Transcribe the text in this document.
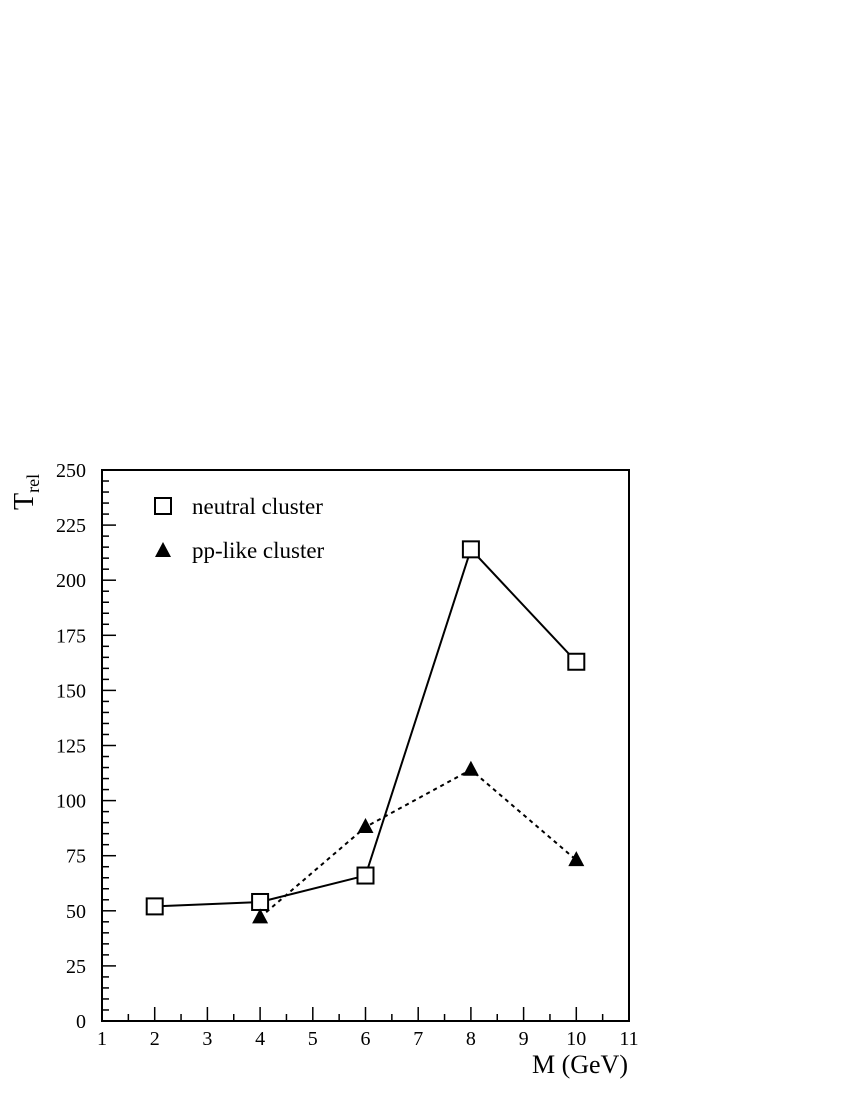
1 2 3 4 5 6 7 8 9 10 11
0
25
50
75
100
125
150
175
200
225
250
M (GeV)
$T_{rel}$
neutral cluster
pp-like cluster
